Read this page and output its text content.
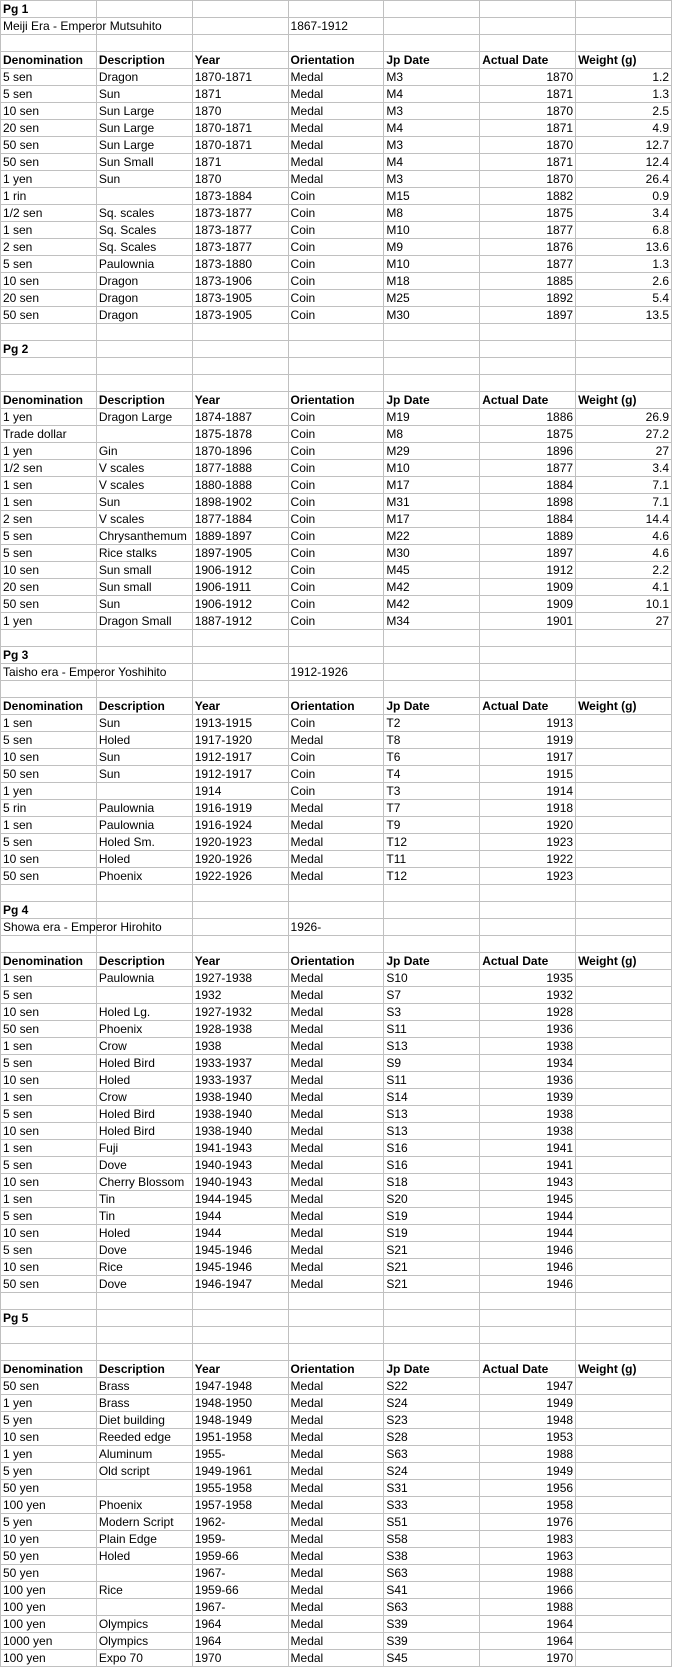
Pg 1						
Meiji Era - Emperor Mutsuhito			1867-1912			

Denomination	Description	Year	Orientation	Jp Date	Actual Date	Weight (g)
5 sen	Dragon	1870-1871	Medal	M3	1870	1.2
5 sen	Sun	1871	Medal	M4	1871	1.3
10 sen	Sun Large	1870	Medal	M3	1870	2.5
20 sen	Sun Large	1870-1871	Medal	M4	1871	4.9
50 sen	Sun Large	1870-1871	Medal	M3	1870	12.7
50 sen	Sun Small	1871	Medal	M4	1871	12.4
1 yen	Sun	1870	Medal	M3	1870	26.4
1 rin		1873-1884	Coin	M15	1882	0.9
1/2 sen	Sq. scales	1873-1877	Coin	M8	1875	3.4
1 sen	Sq. Scales	1873-1877	Coin	M10	1877	6.8
2 sen	Sq. Scales	1873-1877	Coin	M9	1876	13.6
5 sen	Paulownia	1873-1880	Coin	M10	1877	1.3
10 sen	Dragon	1873-1906	Coin	M18	1885	2.6
20 sen	Dragon	1873-1905	Coin	M25	1892	5.4
50 sen	Dragon	1873-1905	Coin	M30	1897	13.5

Pg 2						

Denomination	Description	Year	Orientation	Jp Date	Actual Date	Weight (g)
1 yen	Dragon Large	1874-1887	Coin	M19	1886	26.9
Trade dollar		1875-1878	Coin	M8	1875	27.2
1 yen	Gin	1870-1896	Coin	M29	1896	27
1/2 sen	V scales	1877-1888	Coin	M10	1877	3.4
1 sen	V scales	1880-1888	Coin	M17	1884	7.1
1 sen	Sun	1898-1902	Coin	M31	1898	7.1
2 sen	V scales	1877-1884	Coin	M17	1884	14.4
5 sen	Chrysanthemum	1889-1897	Coin	M22	1889	4.6
5 sen	Rice stalks	1897-1905	Coin	M30	1897	4.6
10 sen	Sun small	1906-1912	Coin	M45	1912	2.2
20 sen	Sun small	1906-1911	Coin	M42	1909	4.1
50 sen	Sun	1906-1912	Coin	M42	1909	10.1
1 yen	Dragon Small	1887-1912	Coin	M34	1901	27

Pg 3						
Taisho era - Emperor Yoshihito			1912-1926			

Denomination	Description	Year	Orientation	Jp Date	Actual Date	Weight (g)
1 sen	Sun	1913-1915	Coin	T2	1913	
5 sen	Holed	1917-1920	Medal	T8	1919	
10 sen	Sun	1912-1917	Coin	T6	1917	
50 sen	Sun	1912-1917	Coin	T4	1915	
1 yen		1914	Coin	T3	1914	
5 rin	Paulownia	1916-1919	Medal	T7	1918	
1 sen	Paulownia	1916-1924	Medal	T9	1920	
5 sen	Holed Sm.	1920-1923	Medal	T12	1923	
10 sen	Holed	1920-1926	Medal	T11	1922	
50 sen	Phoenix	1922-1926	Medal	T12	1923	

Pg 4						
Showa era - Emperor Hirohito			1926-			

Denomination	Description	Year	Orientation	Jp Date	Actual Date	Weight (g)
1 sen	Paulownia	1927-1938	Medal	S10	1935	
5 sen		1932	Medal	S7	1932	
10 sen	Holed Lg.	1927-1932	Medal	S3	1928	
50 sen	Phoenix	1928-1938	Medal	S11	1936	
1 sen	Crow	1938	Medal	S13	1938	
5 sen	Holed Bird	1933-1937	Medal	S9	1934	
10 sen	Holed	1933-1937	Medal	S11	1936	
1 sen	Crow	1938-1940	Medal	S14	1939	
5 sen	Holed Bird	1938-1940	Medal	S13	1938	
10 sen	Holed Bird	1938-1940	Medal	S13	1938	
1 sen	Fuji	1941-1943	Medal	S16	1941	
5 sen	Dove	1940-1943	Medal	S16	1941	
10 sen	Cherry Blossom	1940-1943	Medal	S18	1943	
1 sen	Tin	1944-1945	Medal	S20	1945	
5 sen	Tin	1944	Medal	S19	1944	
10 sen	Holed	1944	Medal	S19	1944	
5 sen	Dove	1945-1946	Medal	S21	1946	
10 sen	Rice	1945-1946	Medal	S21	1946	
50 sen	Dove	1946-1947	Medal	S21	1946	

Pg 5						

Denomination	Description	Year	Orientation	Jp Date	Actual Date	Weight (g)
50 sen	Brass	1947-1948	Medal	S22	1947	
1 yen	Brass	1948-1950	Medal	S24	1949	
5 yen	Diet building	1948-1949	Medal	S23	1948	
10 sen	Reeded edge	1951-1958	Medal	S28	1953	
1 yen	Aluminum	1955-	Medal	S63	1988	
5 yen	Old script	1949-1961	Medal	S24	1949	
50 yen		1955-1958	Medal	S31	1956	
100 yen	Phoenix	1957-1958	Medal	S33	1958	
5 yen	Modern Script	1962-	Medal	S51	1976	
10 yen	Plain Edge	1959-	Medal	S58	1983	
50 yen	Holed	1959-66	Medal	S38	1963	
50 yen		1967-	Medal	S63	1988	
100 yen	Rice	1959-66	Medal	S41	1966	
100 yen		1967-	Medal	S63	1988	
100 yen	Olympics	1964	Medal	S39	1964	
1000 yen	Olympics	1964	Medal	S39	1964	
100 yen	Expo 70	1970	Medal	S45	1970	
